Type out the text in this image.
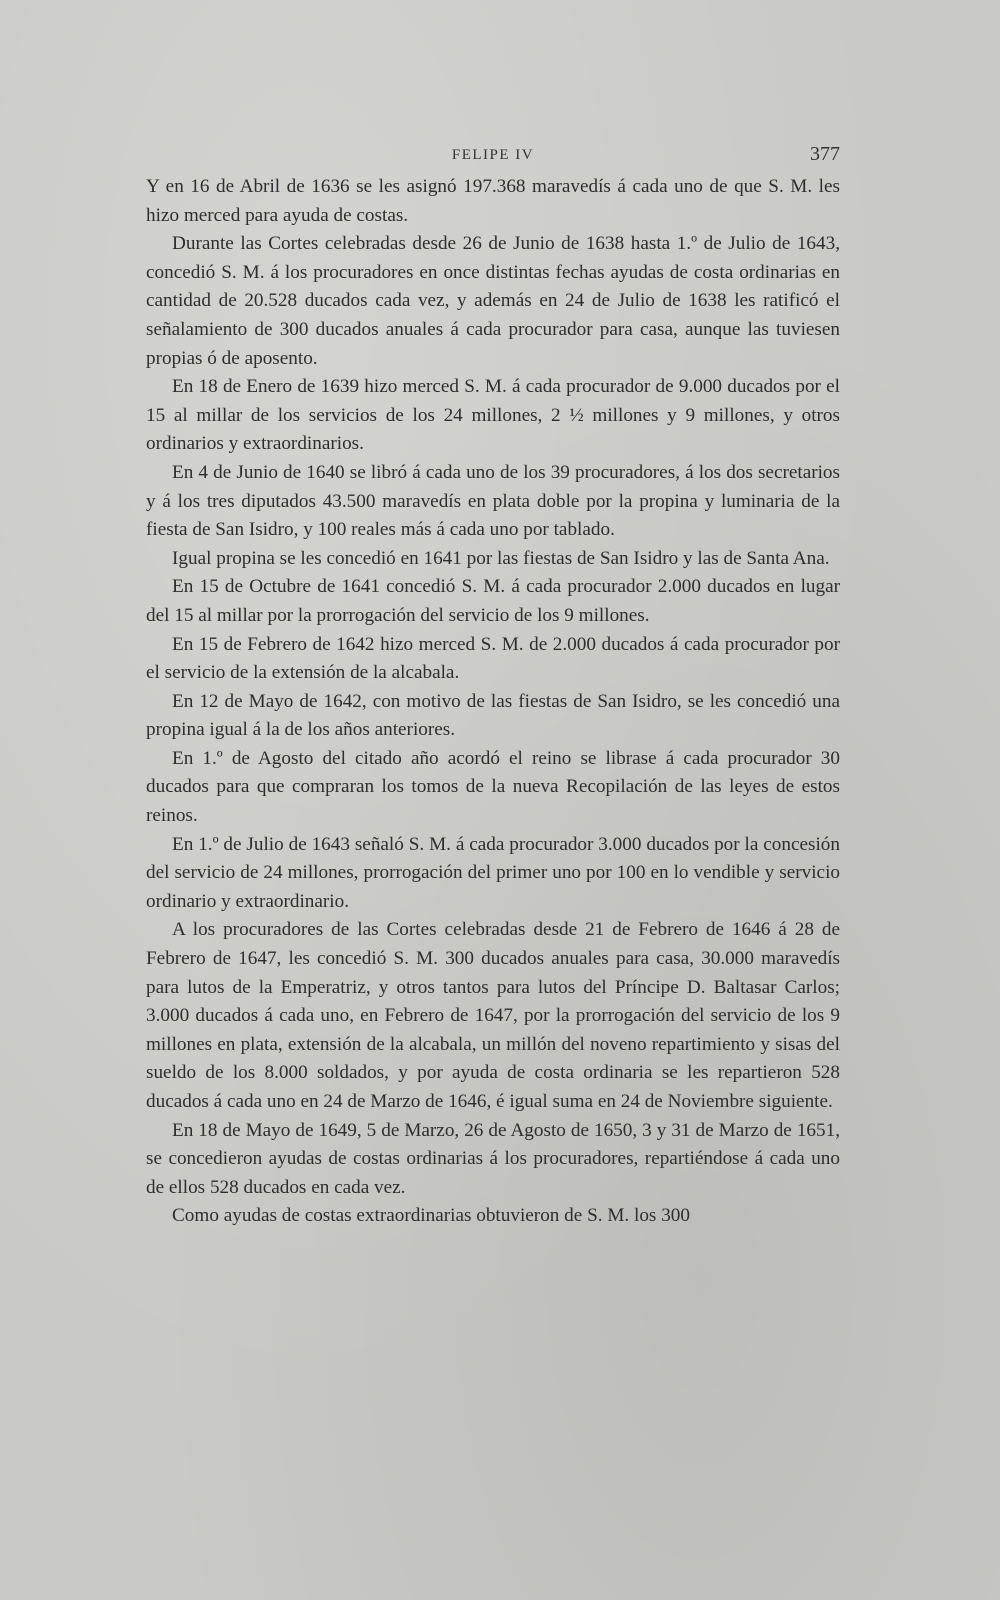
FELIPE IV	377

Y en 16 de Abril de 1636 se les asignó 197.368 maravedís á cada uno de que S. M. les hizo merced para ayuda de costas.

Durante las Cortes celebradas desde 26 de Junio de 1638 hasta 1.º de Julio de 1643, concedió S. M. á los procuradores en once distintas fechas ayudas de costa ordinarias en cantidad de 20.528 ducados cada vez, y además en 24 de Julio de 1638 les ratificó el señalamiento de 300 ducados anuales á cada procurador para casa, aunque las tuviesen propias ó de aposento.

En 18 de Enero de 1639 hizo merced S. M. á cada procurador de 9.000 ducados por el 15 al millar de los servicios de los 24 millones, 2 ½ millones y 9 millones, y otros ordinarios y extraordinarios.

En 4 de Junio de 1640 se libró á cada uno de los 39 procuradores, á los dos secretarios y á los tres diputados 43.500 maravedís en plata doble por la propina y luminaria de la fiesta de San Isidro, y 100 reales más á cada uno por tablado.

Igual propina se les concedió en 1641 por las fiestas de San Isidro y las de Santa Ana.

En 15 de Octubre de 1641 concedió S. M. á cada procurador 2.000 ducados en lugar del 15 al millar por la prorrogación del servicio de los 9 millones.

En 15 de Febrero de 1642 hizo merced S. M. de 2.000 ducados á cada procurador por el servicio de la extensión de la alcabala.

En 12 de Mayo de 1642, con motivo de las fiestas de San Isidro, se les concedió una propina igual á la de los años anteriores.

En 1.º de Agosto del citado año acordó el reino se librase á cada procurador 30 ducados para que compraran los tomos de la nueva Recopilación de las leyes de estos reinos.

En 1.º de Julio de 1643 señaló S. M. á cada procurador 3.000 ducados por la concesión del servicio de 24 millones, prorrogación del primer uno por 100 en lo vendible y servicio ordinario y extraordinario.

A los procuradores de las Cortes celebradas desde 21 de Febrero de 1646 á 28 de Febrero de 1647, les concedió S. M. 300 ducados anuales para casa, 30.000 maravedís para lutos de la Emperatriz, y otros tantos para lutos del Príncipe D. Baltasar Carlos; 3.000 ducados á cada uno, en Febrero de 1647, por la prorrogación del servicio de los 9 millones en plata, extensión de la alcabala, un millón del noveno repartimiento y sisas del sueldo de los 8.000 soldados, y por ayuda de costa ordinaria se les repartieron 528 ducados á cada uno en 24 de Marzo de 1646, é igual suma en 24 de Noviembre siguiente.

En 18 de Mayo de 1649, 5 de Marzo, 26 de Agosto de 1650, 3 y 31 de Marzo de 1651, se concedieron ayudas de costas ordinarias á los procuradores, repartiéndose á cada uno de ellos 528 ducados en cada vez.

Como ayudas de costas extraordinarias obtuvieron de S. M. los 300
